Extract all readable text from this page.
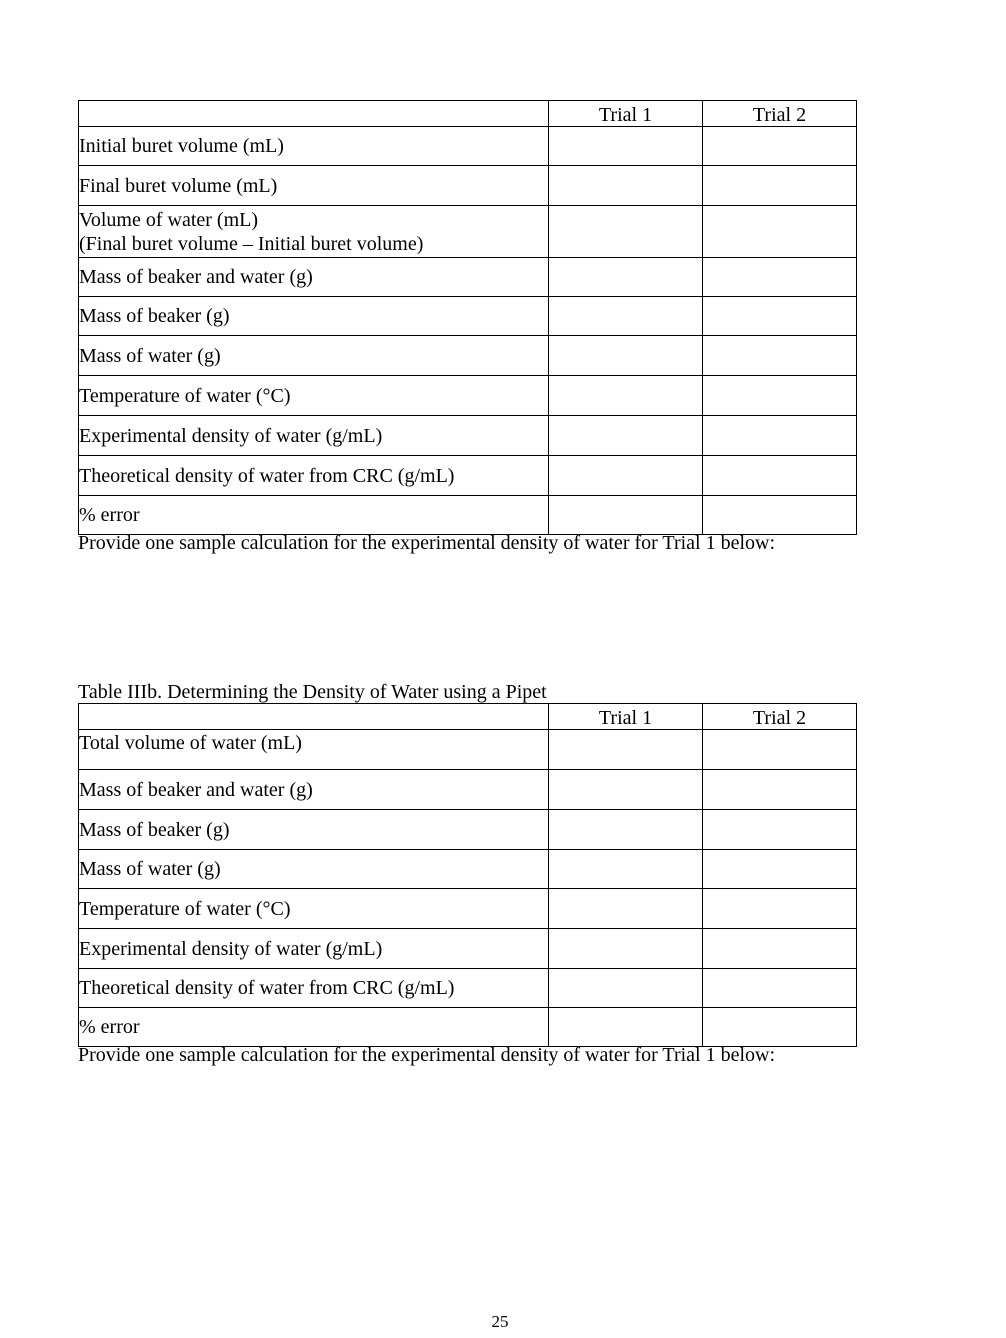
	Trial 1	Trial 2
Initial buret volume (mL)		
Final buret volume (mL)		

Volume of water (mL)
(Final buret volume – Initial buret volume)		

Mass of beaker and water (g)		
Mass of beaker (g)		
Mass of water (g)		
Temperature of water (°C)		
Experimental density of water (g/mL)		
Theoretical density of water from CRC (g/mL)		
% error		
Provide one sample calculation for the experimental density of water for Trial 1 below:
Table IIIb. Determining the Density of Water using a Pipet
	Trial 1	Trial 2
Total volume of water (mL)		
Mass of beaker and water (g)		
Mass of beaker (g)		
Mass of water (g)		
Temperature of water (°C)		
Experimental density of water (g/mL)		
Theoretical density of water from CRC (g/mL)		
% error		
Provide one sample calculation for the experimental density of water for Trial 1 below:
25
